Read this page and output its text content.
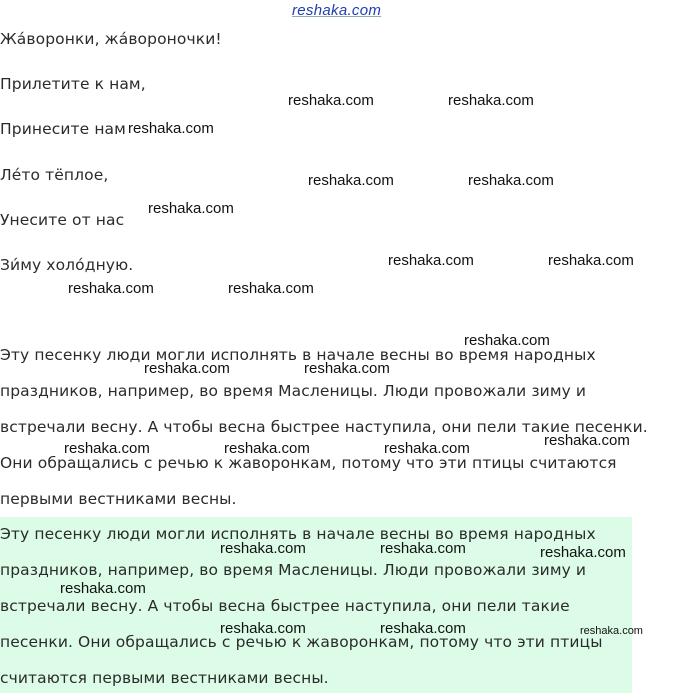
Жа́воронки, жа́вороночки!
Прилетите к нам,
Принесите нам
Ле́то тёплое,
Унесите от нас
Зи́му холо́дную.
Эту песенку люди могли исполнять в начале весны во время народных
праздников, например, во время Масленицы. Люди провожали зиму и
встречали весну. А чтобы весна быстрее наступила, они пели такие песенки.
Они обращались с речью к жаворонкам, потому что эти птицы считаются
первыми вестниками весны.
Эту песенку люди могли исполнять в начале весны во время народных
праздников, например, во время Масленицы. Люди провожали зиму и
встречали весну. А чтобы весна быстрее наступила, они пели такие
песенки. Они обращались с речью к жаворонкам, потому что эти птицы
считаются первыми вестниками весны.
reshaka.com
reshaka.com	reshaka.com
reshaka.com
reshaka.com	reshaka.com
reshaka.com
reshaka.com	reshaka.com
reshaka.com	reshaka.com
reshaka.com
reshaka.com	reshaka.com
reshaka.com
reshaka.com	reshaka.com	reshaka.com
reshaka.com	reshaka.com	reshaka.com
reshaka.com
reshaka.com	reshaka.com	reshaka.com
